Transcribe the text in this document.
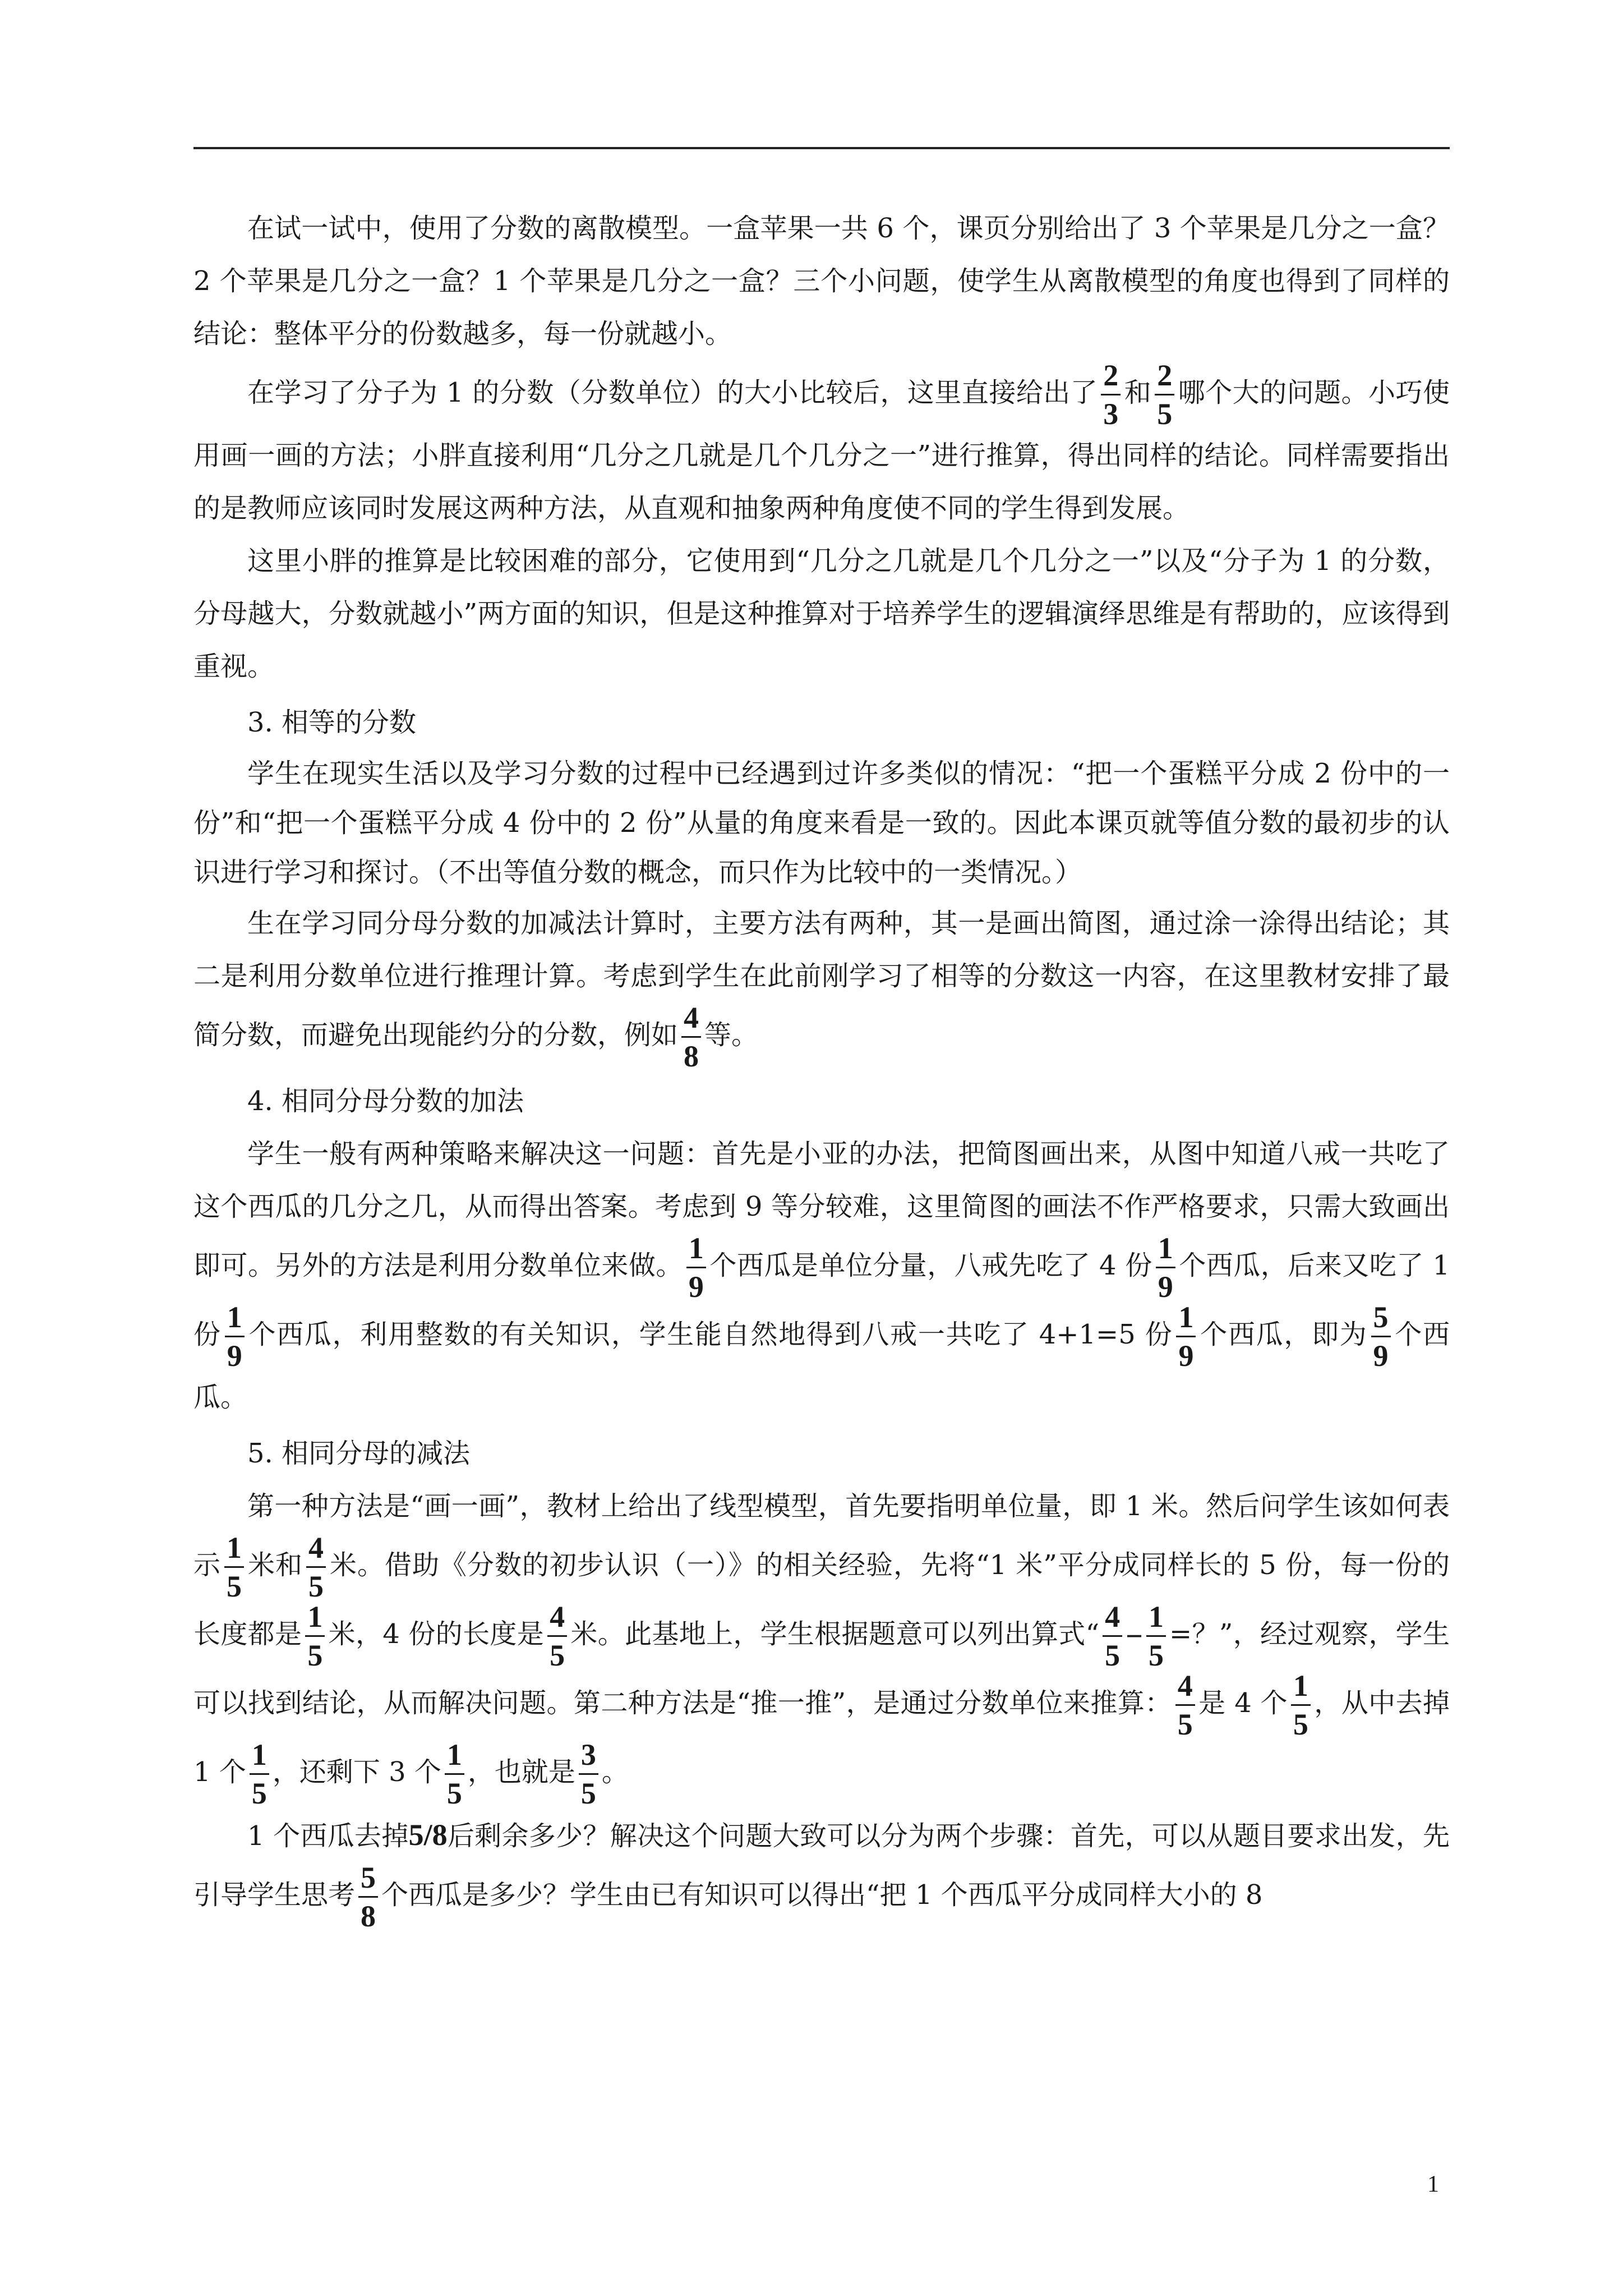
在试一试中，使用了分数的离散模型。一盒苹果一共 6 个，课页分别给出了 3 个苹果是几分之一盒？2 个苹果是几分之一盒？1 个苹果是几分之一盒？三个小问题，使学生从离散模型的角度也得到了同样的结论：整体平分的份数越多，每一份就越小。

在学习了分子为 1 的分数（分数单位）的大小比较后，这里直接给出了 $\frac{2}{3}$ 和 $\frac{2}{5}$ 哪个大的问题。小巧使用画一画的方法；小胖直接利用“几分之几就是几个几分之一”进行推算，得出同样的结论。同样需要指出的是教师应该同时发展这两种方法，从直观和抽象两种角度使不同的学生得到发展。

这里小胖的推算是比较困难的部分，它使用到“几分之几就是几个几分之一”以及“分子为 1 的分数，分母越大，分数就越小”两方面的知识，但是这种推算对于培养学生的逻辑演绎思维是有帮助的，应该得到重视。

3. 相等的分数

学生在现实生活以及学习分数的过程中已经遇到过许多类似的情况：“把一个蛋糕平分成 2 份中的一份”和“把一个蛋糕平分成 4 份中的 2 份”从量的角度来看是一致的。因此本课页就等值分数的最初步的认识进行学习和探讨。（不出等值分数的概念，而只作为比较中的一类情况。）

生在学习同分母分数的加减法计算时，主要方法有两种，其一是画出简图，通过涂一涂得出结论；其二是利用分数单位进行推理计算。考虑到学生在此前刚学习了相等的分数这一内容，在这里教材安排了最简分数，而避免出现能约分的分数，例如 $\frac{4}{8}$ 等。

4. 相同分母分数的加法

学生一般有两种策略来解决这一问题：首先是小亚的办法，把简图画出来，从图中知道八戒一共吃了这个西瓜的几分之几，从而得出答案。考虑到 9 等分较难，这里简图的画法不作严格要求，只需大致画出即可。另外的方法是利用分数单位来做。 $\frac{1}{9}$ 个西瓜是单位分量，八戒先吃了 4 份 $\frac{1}{9}$ 个西瓜，后来又吃了 1 份 $\frac{1}{9}$ 个西瓜，利用整数的有关知识，学生能自然地得到八戒一共吃了 4+1=5 份 $\frac{1}{9}$ 个西瓜，即为 $\frac{5}{9}$ 个西瓜。

5. 相同分母的减法

第一种方法是“画一画”，教材上给出了线型模型，首先要指明单位量，即 1 米。然后问学生该如何表示 $\frac{1}{5}$ 米和 $\frac{4}{5}$ 米。借助《分数的初步认识（一）》的相关经验，先将“1 米”平分成同样长的 5 份，每一份的长度都是 $\frac{1}{5}$ 米，4 份的长度是 $\frac{4}{5}$ 米。此基地上，学生根据题意可以列出算式“ $\frac{4}{5} - \frac{1}{5}$ =？”，经过观察，学生可以找到结论，从而解决问题。第二种方法是“推一推”，是通过分数单位来推算： $\frac{4}{5}$ 是 4 个 $\frac{1}{5}$ ，从中去掉 1 个 $\frac{1}{5}$ ，还剩下 3 个 $\frac{1}{5}$ ，也就是 $\frac{3}{5}$ 。

1 个西瓜去掉5/8后剩余多少？解决这个问题大致可以分为两个步骤：首先，可以从题目要求出发，先引导学生思考 $\frac{5}{8}$ 个西瓜是多少？学生由已有知识可以得出“把 1 个西瓜平分成同样大小的 8

1
